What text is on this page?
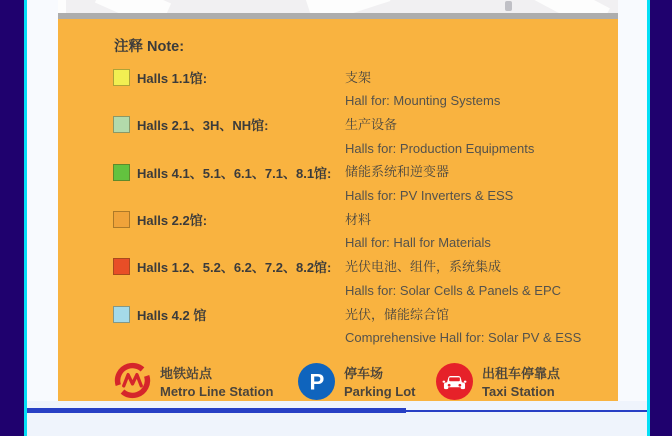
注释 Note:
Halls 1.1馆:
Halls 2.1、3H、NH馆:
Halls 4.1、5.1、6.1、7.1、8.1馆:
Halls 2.2馆:
Halls 1.2、5.2、6.2、7.2、8.2馆:
Halls 4.2 馆
支架
Hall for: Mounting Systems
生产设备
Halls for: Production Equipments
储能系统和逆变器
Halls for: PV Inverters & ESS
材料
Hall for: Hall for Materials
光伏电池、组件，系统集成
Halls for: Solar Cells & Panels & EPC
光伏，储能综合馆
Comprehensive Hall for: Solar PV & ESS
地铁站点
Metro Line Station P 停车场
Parking Lot
出租车停靠点
Taxi Station
